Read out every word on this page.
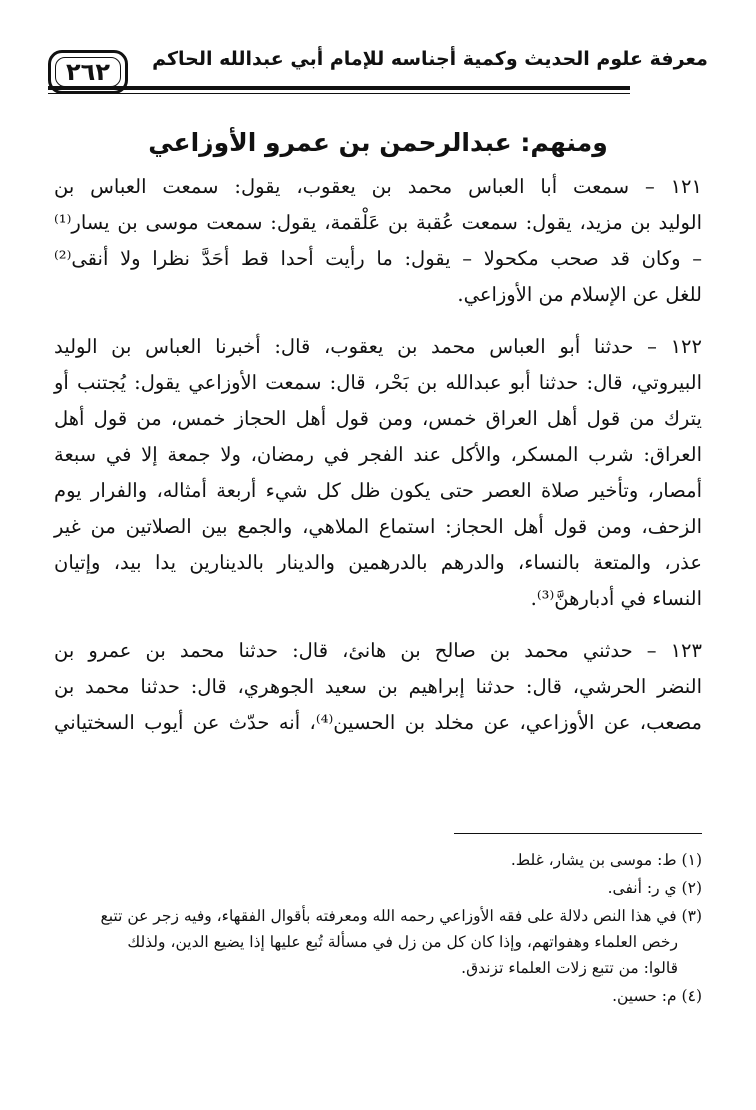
٢٦٢ معرفة علوم الحديث وكمية أجناسه للإمام أبي عبدالله الحاكم
ومنهم: عبدالرحمن بن عمرو الأوزاعي
١٢١ – سمعت أبا العباس محمد بن يعقوب، يقول: سمعت العباس بن
الوليد بن مزيد، يقول: سمعت عُقبة بن عَلْقمة، يقول: سمعت موسى بن يسار⁽¹⁾
– وكان قد صحب مكحولا – يقول: ما رأيت أحدا قط أحَدَّ نظرا ولا أنقى⁽²⁾
للغل عن الإسلام من الأوزاعي.
١٢٢ – حدثنا أبو العباس محمد بن يعقوب، قال: أخبرنا العباس بن الوليد
البيروتي، قال: حدثنا أبو عبدالله بن بَحْر، قال: سمعت الأوزاعي يقول: يُجتنب أو
يترك من قول أهل العراق خمس، ومن قول أهل الحجاز خمس، من قول أهل
العراق: شرب المسكر، والأكل عند الفجر في رمضان، ولا جمعة إلا في سبعة
أمصار، وتأخير صلاة العصر حتى يكون ظل كل شيء أربعة أمثاله، والفرار يوم
الزحف، ومن قول أهل الحجاز: استماع الملاهي، والجمع بين الصلاتين من غير
عذر، والمتعة بالنساء، والدرهم بالدرهمين والدينار بالدينارين يدا بيد، وإتيان
النساء في أدبارهنَّ⁽³⁾.
١٢٣ – حدثني محمد بن صالح بن هانئ، قال: حدثنا محمد بن عمرو بن
النضر الحرشي، قال: حدثنا إبراهيم بن سعيد الجوهري، قال: حدثنا محمد بن
مصعب، عن الأوزاعي، عن مخلد بن الحسين⁽⁴⁾، أنه حدّث عن أيوب السختياني
(١) ط: موسى بن يشار، غلط.
(٢) ي ر: أنفى.
(٣) في هذا النص دلالة على فقه الأوزاعي رحمه الله ومعرفته بأقوال الفقهاء، وفيه زجر عن تتبع
رخص العلماء وهفواتهم، وإذا كان كل من زل في مسألة تُبع عليها إذا يضيع الدين، ولذلك
قالوا: من تتبع زلات العلماء تزندق.
(٤) م: حسين.
